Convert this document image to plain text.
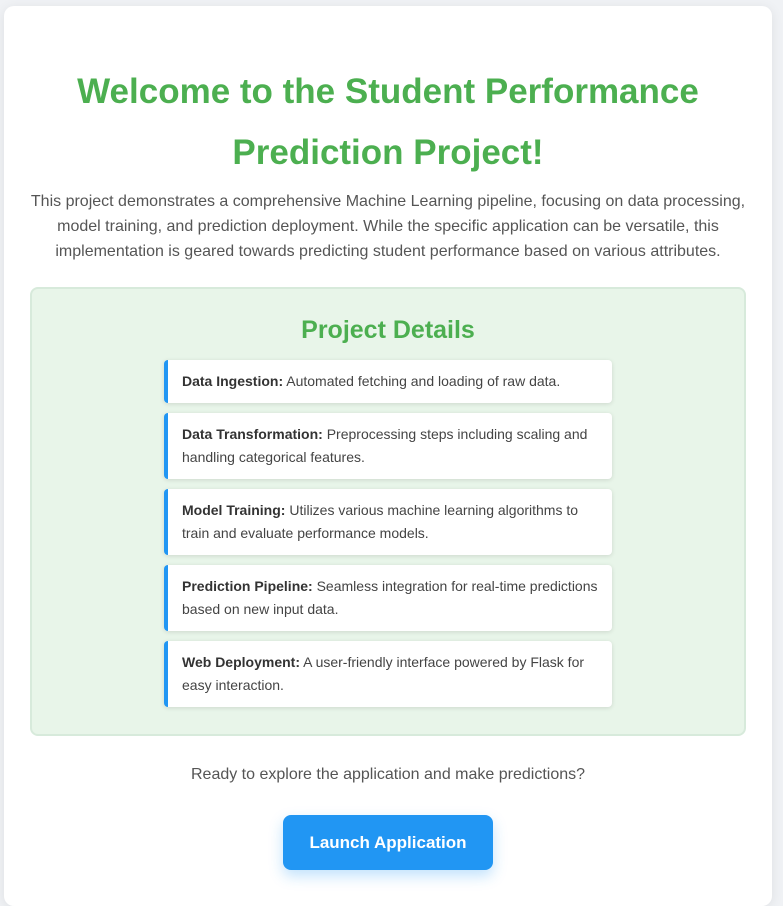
Welcome to the Student Performance
Prediction Project!

This project demonstrates a comprehensive Machine Learning pipeline, focusing on data processing, model training, and prediction deployment. While the specific application can be versatile, this implementation is geared towards predicting student performance based on various attributes.

Project Details
Data Ingestion: Automated fetching and loading of raw data.
Data Transformation: Preprocessing steps including scaling and handling categorical features.
Model Training: Utilizes various machine learning algorithms to train and evaluate performance models.
Prediction Pipeline: Seamless integration for real-time predictions based on new input data.
Web Deployment: A user-friendly interface powered by Flask for easy interaction.

Ready to explore the application and make predictions?

Launch Application
